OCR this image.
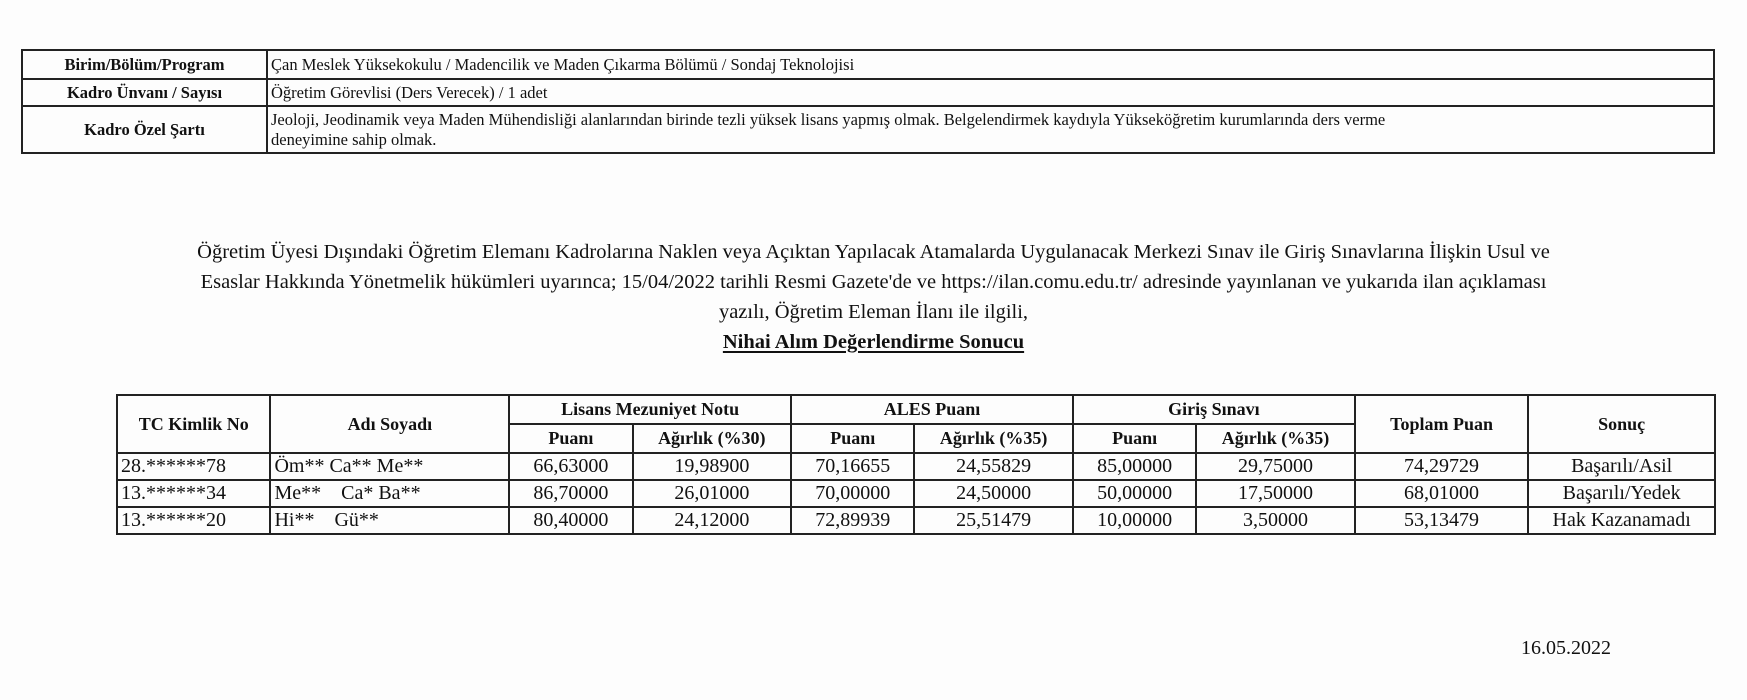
Birim/Bölüm/Program	Çan Meslek Yüksekokulu / Madencilik ve Maden Çıkarma Bölümü / Sondaj Teknolojisi
Kadro Ünvanı / Sayısı	Öğretim Görevlisi (Ders Verecek) / 1 adet
Kadro Özel Şartı	Jeoloji, Jeodinamik veya Maden Mühendisliği alanlarından birinde tezli yüksek lisans yapmış olmak. Belgelendirmek kaydıyla Yükseköğretim kurumlarında ders verme
deneyimine sahip olmak.
Öğretim Üyesi Dışındaki Öğretim Elemanı Kadrolarına Naklen veya Açıktan Yapılacak Atamalarda Uygulanacak Merkezi Sınav ile Giriş Sınavlarına İlişkin Usul ve
Esaslar Hakkında Yönetmelik hükümleri uyarınca; 15/04/2022 tarihli Resmi Gazete'de ve https://ilan.comu.edu.tr/ adresinde yayınlanan ve yukarıda ilan açıklaması
yazılı, Öğretim Eleman İlanı ile ilgili,
Nihai Alım Değerlendirme Sonucu
TC Kimlik No	Adı Soyadı	Lisans Mezuniyet Notu		ALES Puanı		Giriş Sınavı		Toplam Puan	Sonuç
		Puanı	Ağırlık (%30)	Puanı	Ağırlık (%35)	Puanı	Ağırlık (%35)		
28.******78	Öm** Ca** Me**	66,63000	19,98900	70,16655	24,55829	85,00000	29,75000	74,29729	Başarılı/Asil
13.******34	Me**    Ca* Ba**	86,70000	26,01000	70,00000	24,50000	50,00000	17,50000	68,01000	Başarılı/Yedek
13.******20	Hi**    Gü**	80,40000	24,12000	72,89939	25,51479	10,00000	3,50000	53,13479	Hak Kazanamadı
16.05.2022
